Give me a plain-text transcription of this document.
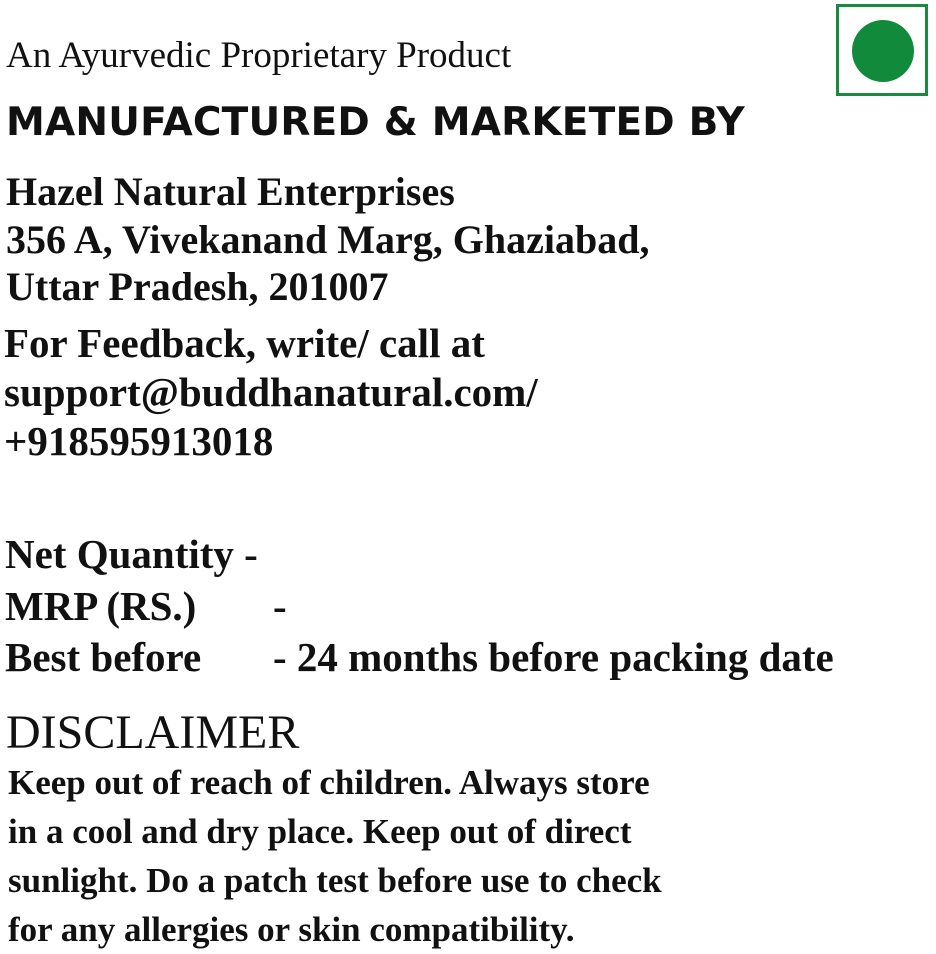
An Ayurvedic Proprietary Product

MANUFACTURED & MARKETED BY

Hazel Natural Enterprises

356 A, Vivekanand Marg, Ghaziabad,

Uttar Pradesh, 201007

For Feedback, write/ call at

support@buddhanatural.com/

+918595913018

Net Quantity -
MRP (RS.) -
Best before - 24 months before packing date

DISCLAIMER

Keep out of reach of children. Always store

in a cool and dry place. Keep out of direct

sunlight. Do a patch test before use to check

for any allergies or skin compatibility.
